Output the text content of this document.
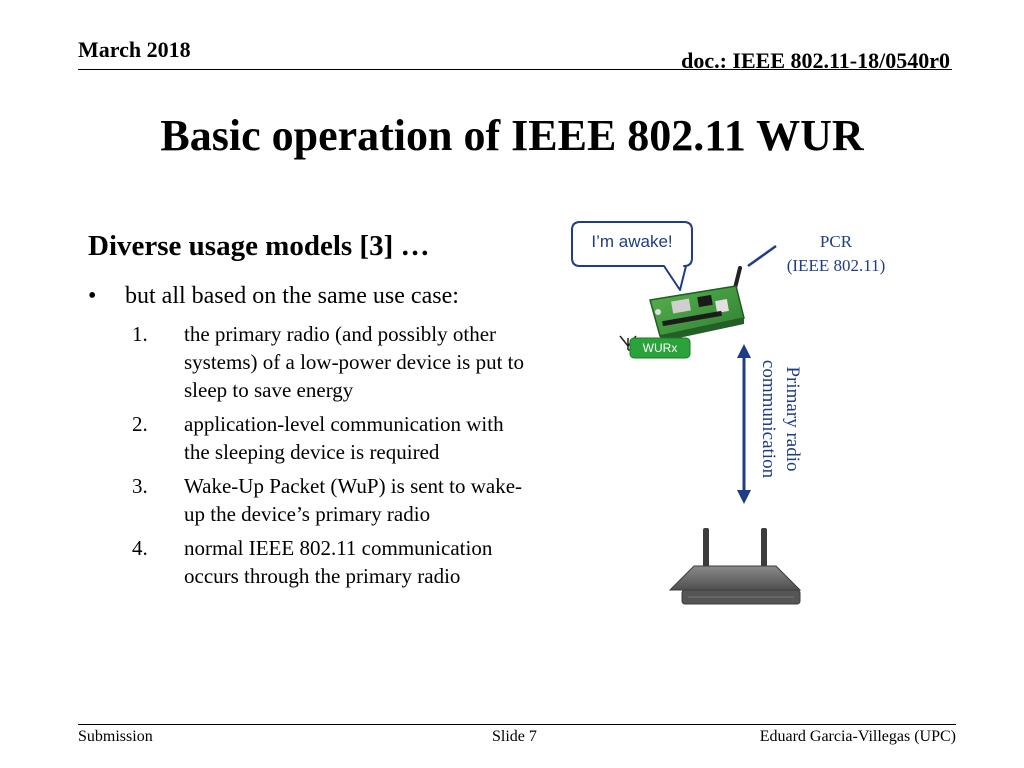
March 2018	doc.: IEEE 802.11-18/0540r0
Basic operation of IEEE 802.11 WUR
Diverse usage models [3] …
• but all based on the same use case:
1. the primary radio (and possibly other systems) of a low-power device is put to sleep to save energy
2. application-level communication with the sleeping device is required
3. Wake-Up Packet (WuP) is sent to wake-up the device’s primary radio
4. normal IEEE 802.11 communication occurs through the primary radio
I’m awake!	PCR
(IEEE 802.11)
WURx
Primary radio
communication
Submission	Slide 7	Eduard Garcia-Villegas (UPC)
